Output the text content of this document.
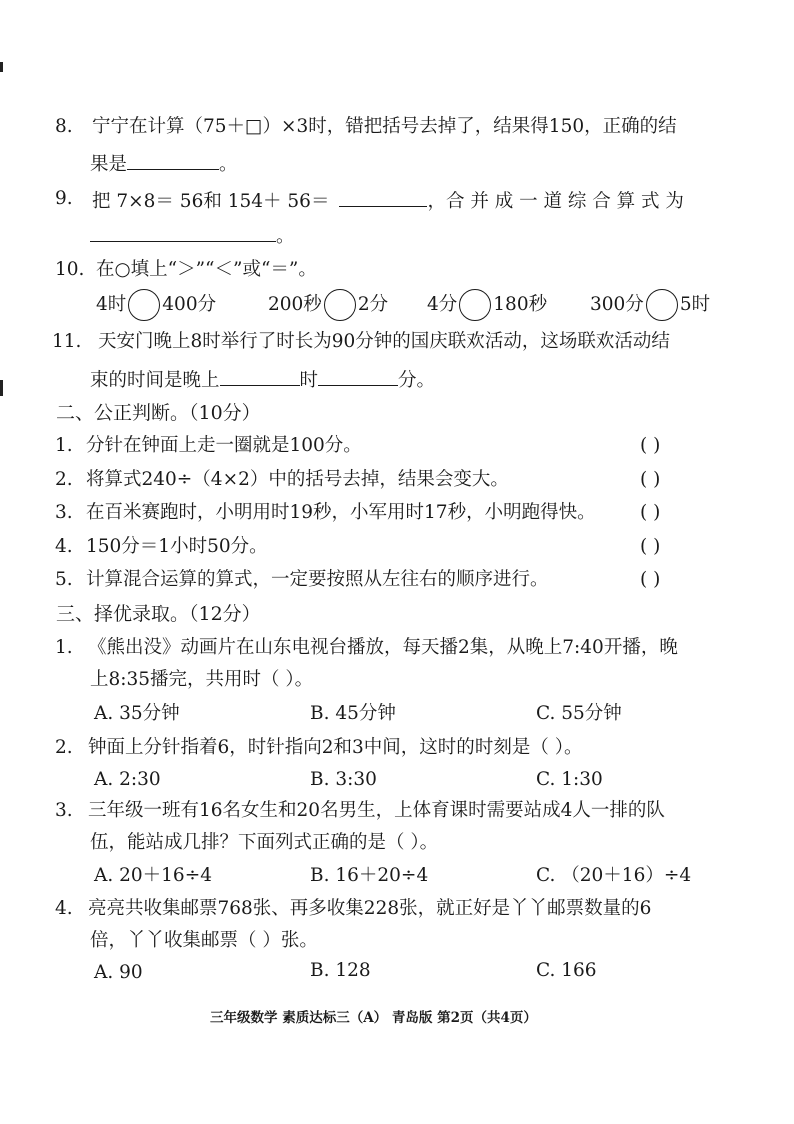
8. 宁宁在计算（75＋□）×3时，错把括号去掉了，结果得150，正确的结
果是	。
9. 把 7×8＝ 56和 154＋ 56＝	，合 并 成 一 道 综 合 算 式 为
。
10. 在○填上“＞”“＜”或“＝”。
4时 400分	200秒 2分 4分 180秒 300分 5时
11. 天安门晚上8时举行了时长为90分钟的国庆联欢活动，这场联欢活动结
束的时间是晚上	时	分。
二、公正判断。（10分）
1. 分针在钟面上走一圈就是100分。	( )
2. 将算式240÷（4×2）中的括号去掉，结果会变大。	( )
3. 在百米赛跑时，小明用时19秒，小军用时17秒，小明跑得快。 ( )
4. 150分＝1小时50分。	( )
5. 计算混合运算的算式，一定要按照从左往右的顺序进行。	( )
三、择优录取。（12分）
1. 《熊出没》动画片在山东电视台播放，每天播2集，从晚上7:40开播，晚
上8:35播完，共用时（ ）。
A. 35分钟	B. 45分钟	C. 55分钟
2. 钟面上分针指着6，时针指向2和3中间，这时的时刻是（ ）。
A. 2:30	B. 3:30	C. 1:30
3. 三年级一班有16名女生和20名男生，上体育课时需要站成4人一排的队
伍，能站成几排？下面列式正确的是（ ）。
A. 20＋16÷4	B. 16＋20÷4	C. （20＋16）÷4
4. 亮亮共收集邮票768张、再多收集228张，就正好是丫丫邮票数量的6
倍，丫丫收集邮票（ ）张。
A. 90	B. 128	C. 166
三年级数学 素质达标三（A） 青岛版 第2页（共4页）
